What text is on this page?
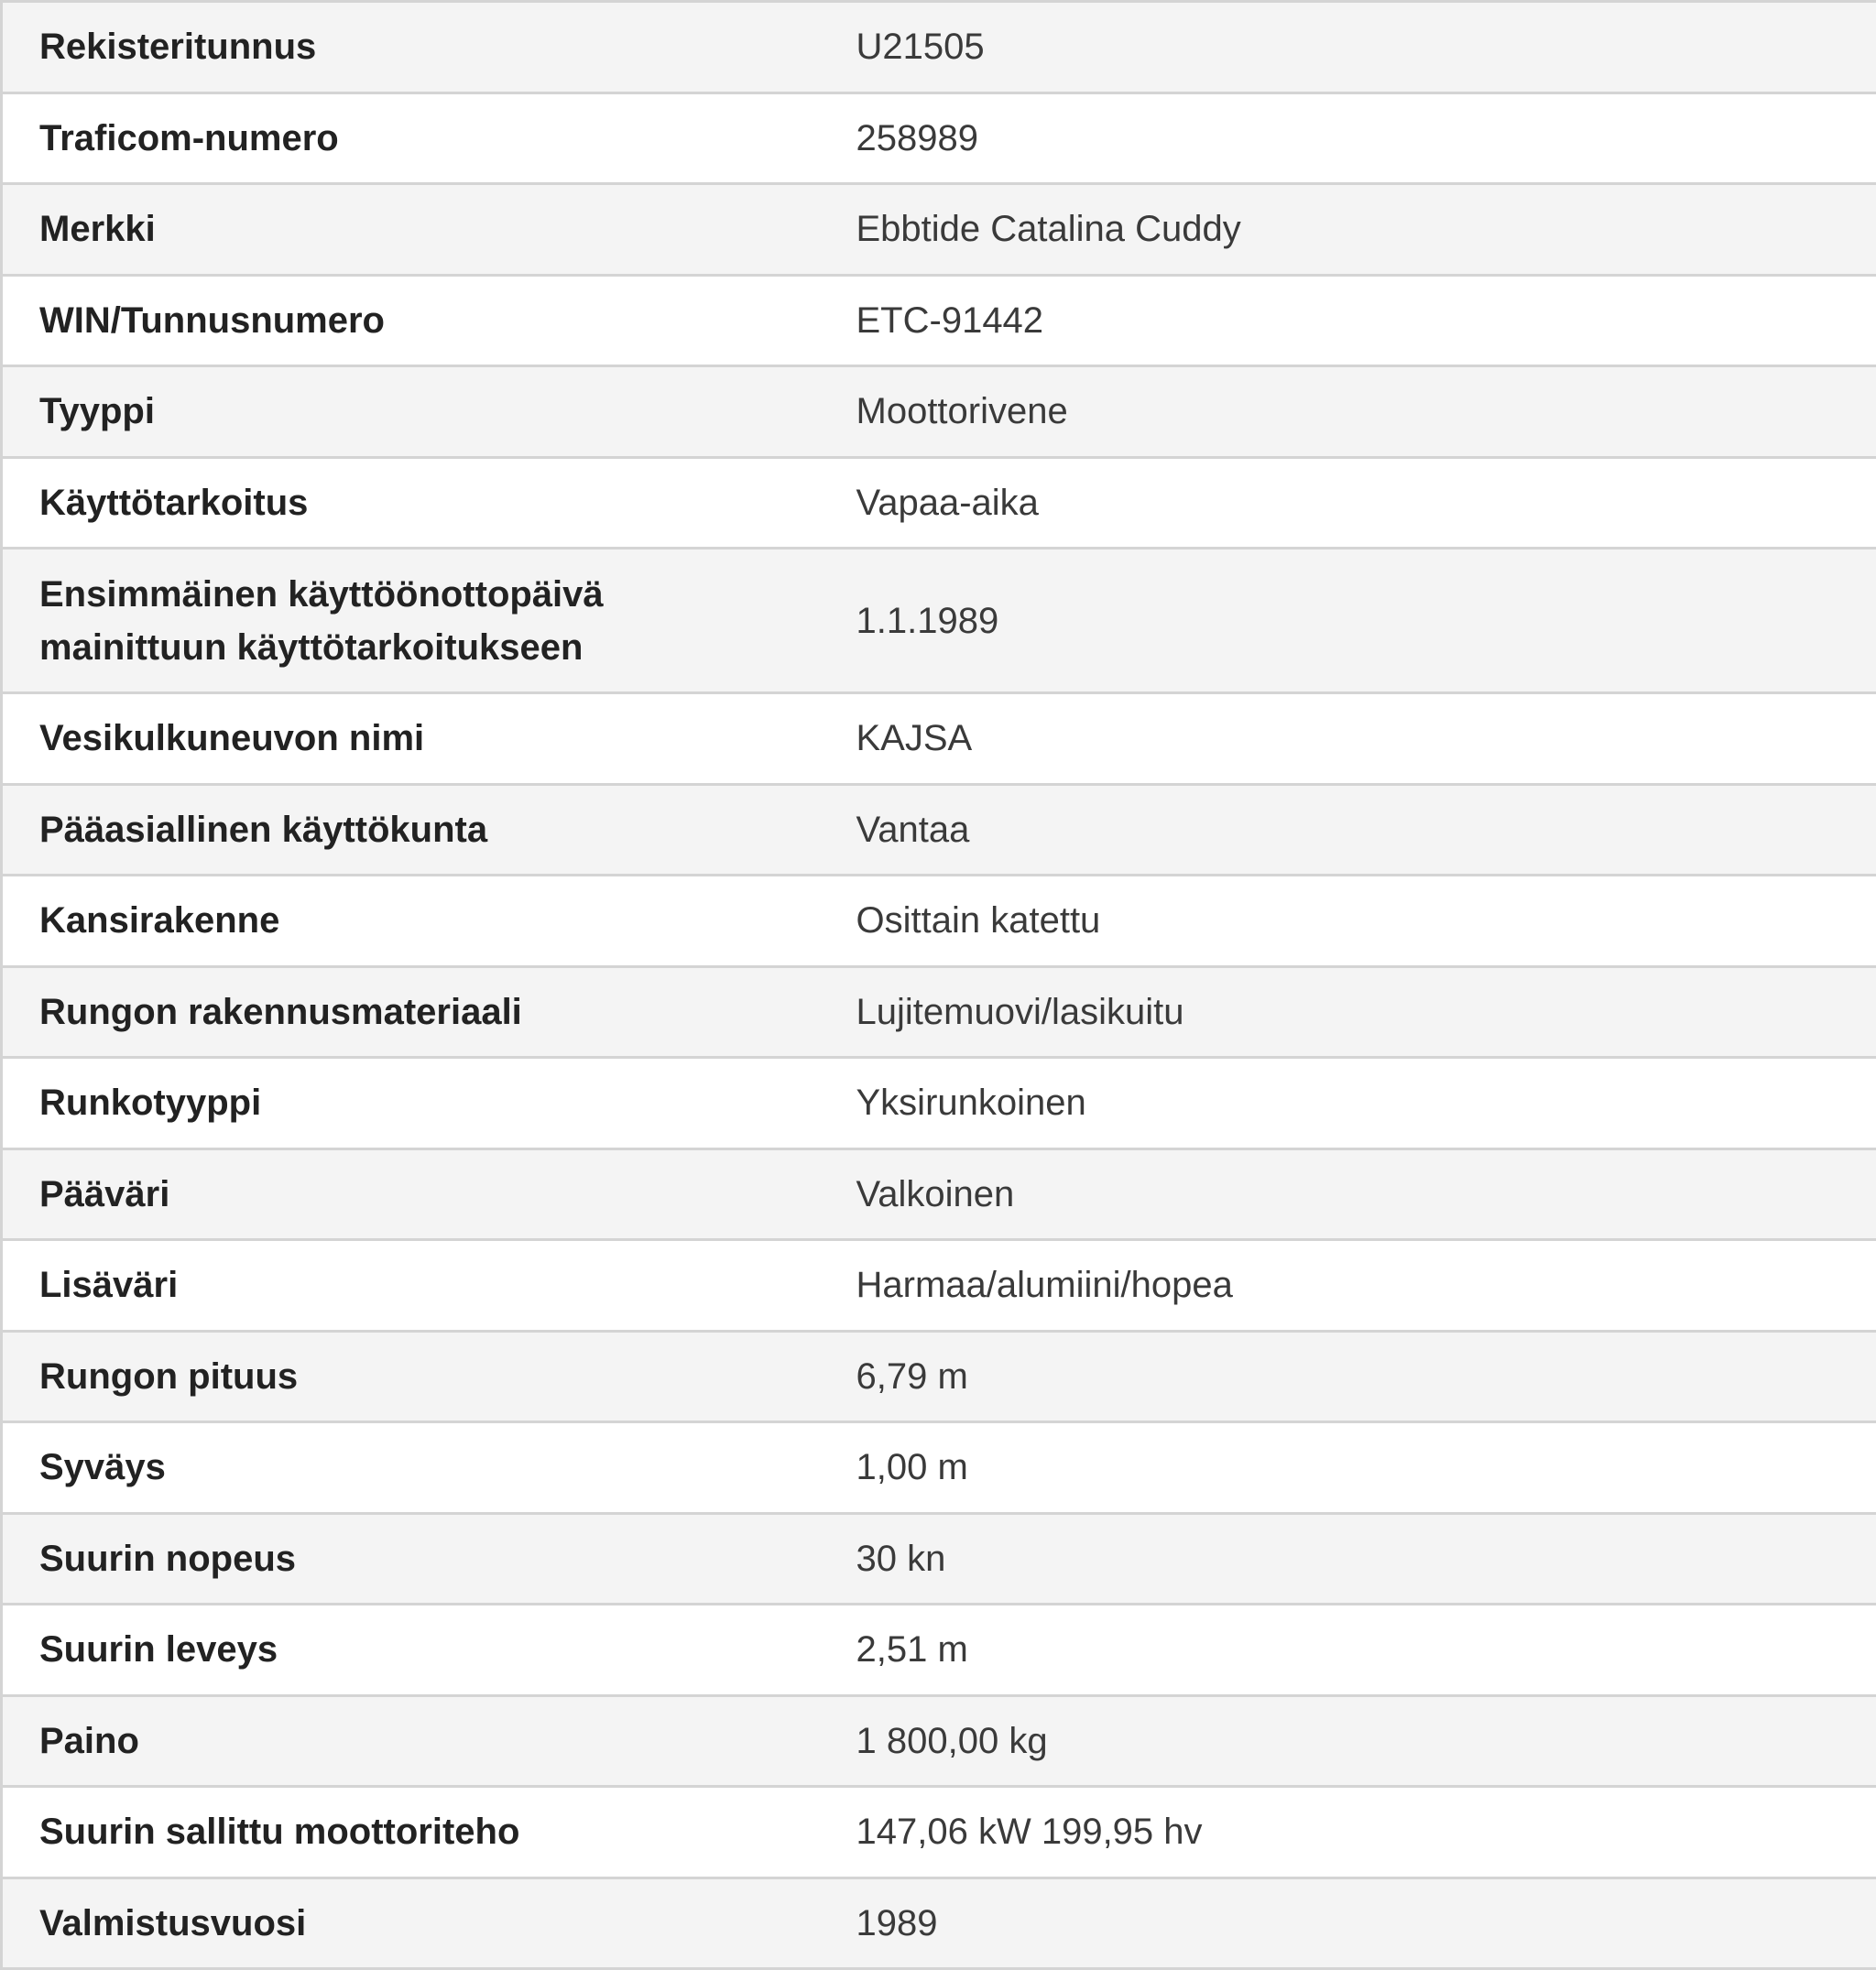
Rekisteritunnus	U21505
Traficom-numero	258989
Merkki	Ebbtide Catalina Cuddy
WIN/Tunnusnumero	ETC-91442
Tyyppi	Moottorivene
Käyttötarkoitus	Vapaa-aika
Ensimmäinen käyttöönottopäivä mainittuun käyttötarkoitukseen	1.1.1989
Vesikulkuneuvon nimi	KAJSA
Pääasiallinen käyttökunta	Vantaa
Kansirakenne	Osittain katettu
Rungon rakennusmateriaali	Lujitemuovi/lasikuitu
Runkotyyppi	Yksirunkoinen
Pääväri	Valkoinen
Lisäväri	Harmaa/alumiini/hopea
Rungon pituus	6,79 m
Syväys	1,00 m
Suurin nopeus	30 kn
Suurin leveys	2,51 m
Paino	1 800,00 kg
Suurin sallittu moottoriteho	147,06 kW 199,95 hv
Valmistusvuosi	1989
